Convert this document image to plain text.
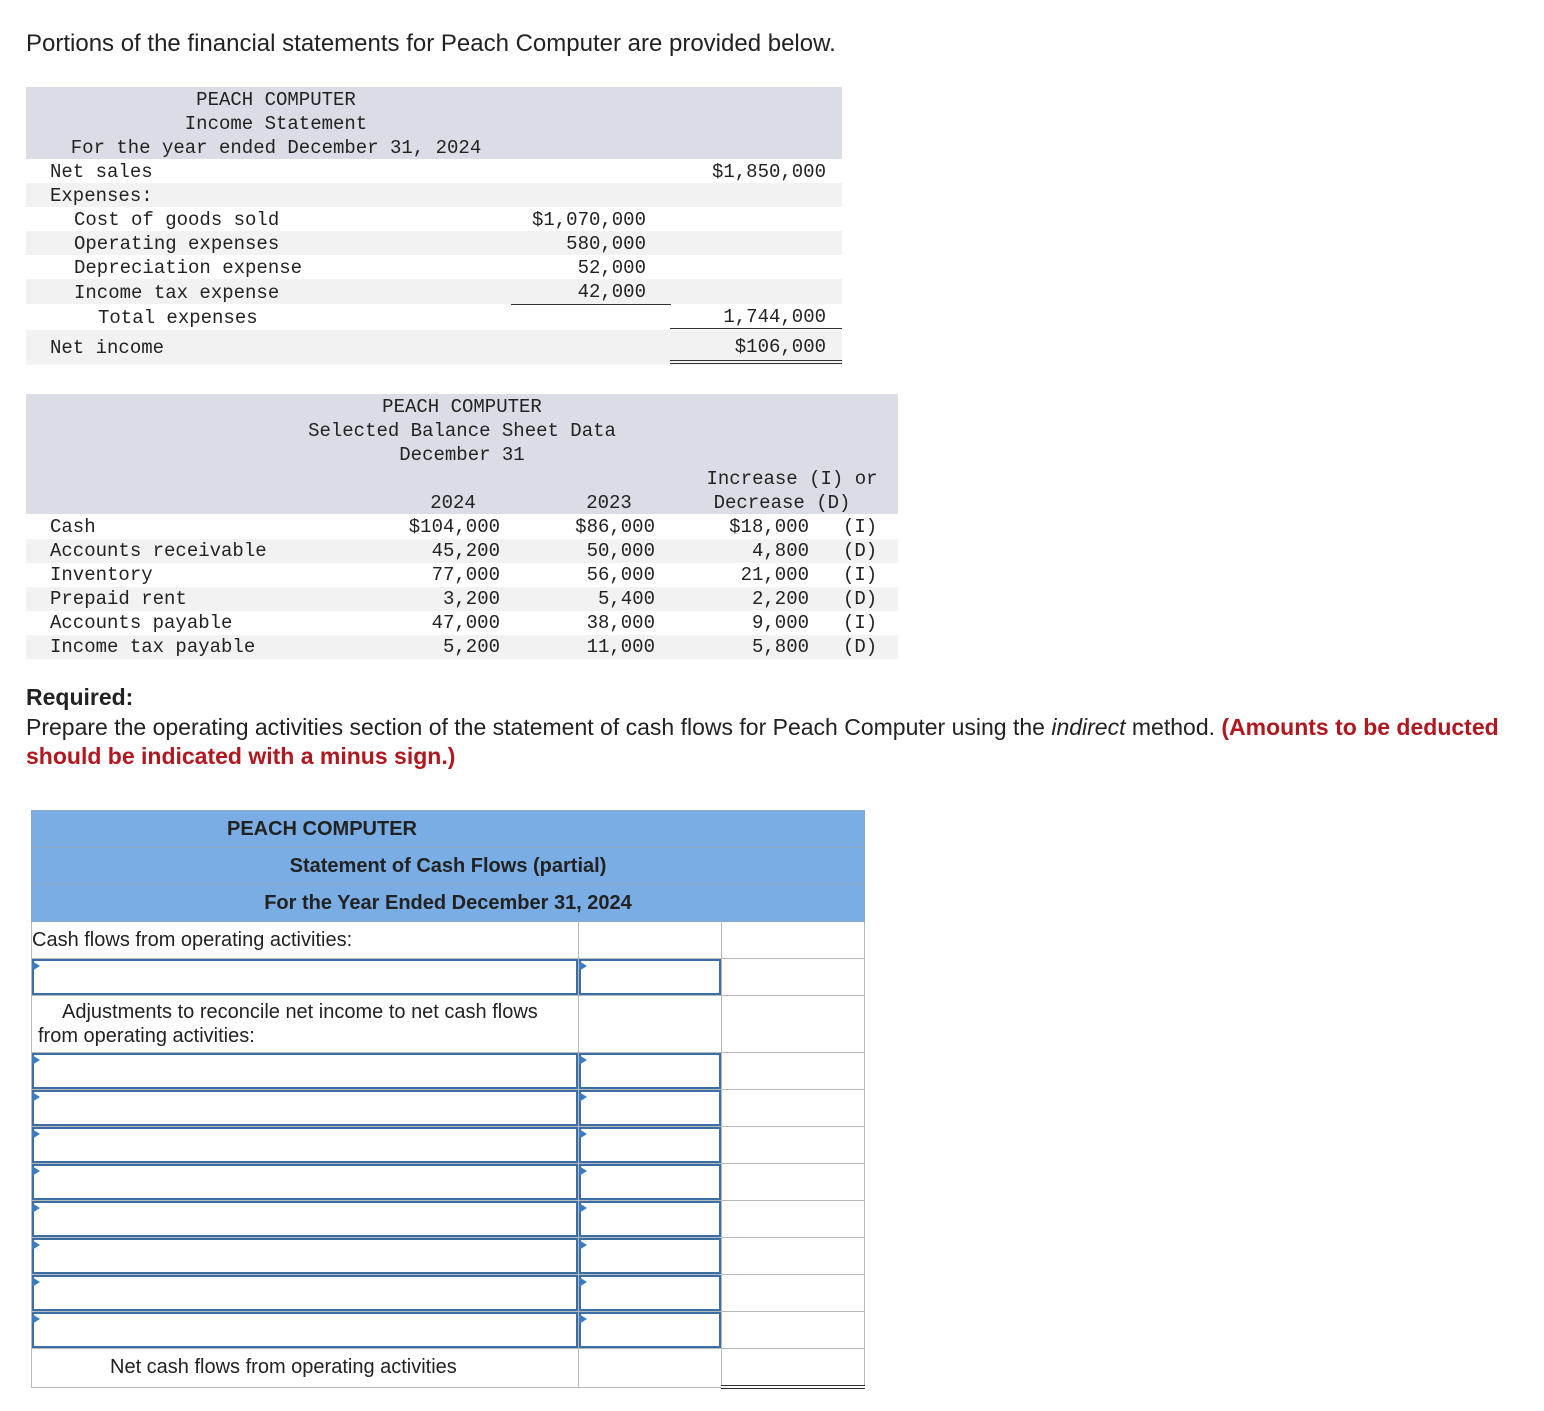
Portions of the financial statements for Peach Computer are provided below.
PEACH COMPUTER
Income Statement
For the year ended December 31, 2024
Net sales	$1,850,000
Expenses:
Cost of goods sold	$1,070,000
Operating expenses	580,000
Depreciation expense	52,000
Income tax expense	42,000
Total expenses	1,744,000
Net income	$106,000
PEACH COMPUTER
Selected Balance Sheet Data
December 31
Increase (I) or
Decrease (D)
2024	2023
Cash	$104,000	$86,000	$18,000 (I)
Accounts receivable	45,200	50,000	4,800 (D)
Inventory	77,000	56,000	21,000 (I)
Prepaid rent	3,200	5,400	2,200 (D)
Accounts payable	47,000	38,000	9,000 (I)
Income tax payable	5,200	11,000	5,800 (D)
Required:
Prepare the operating activities section of the statement of cash flows for Peach Computer using the indirect method. (Amounts to be deducted should be indicated with a minus sign.)
PEACH COMPUTER		
Statement of Cash Flows (partial)		
For the Year Ended December 31, 2024		
Cash flows from operating activities:		

Adjustments to reconcile net income to net cash flows from operating activities:		

Net cash flows from operating activities		
